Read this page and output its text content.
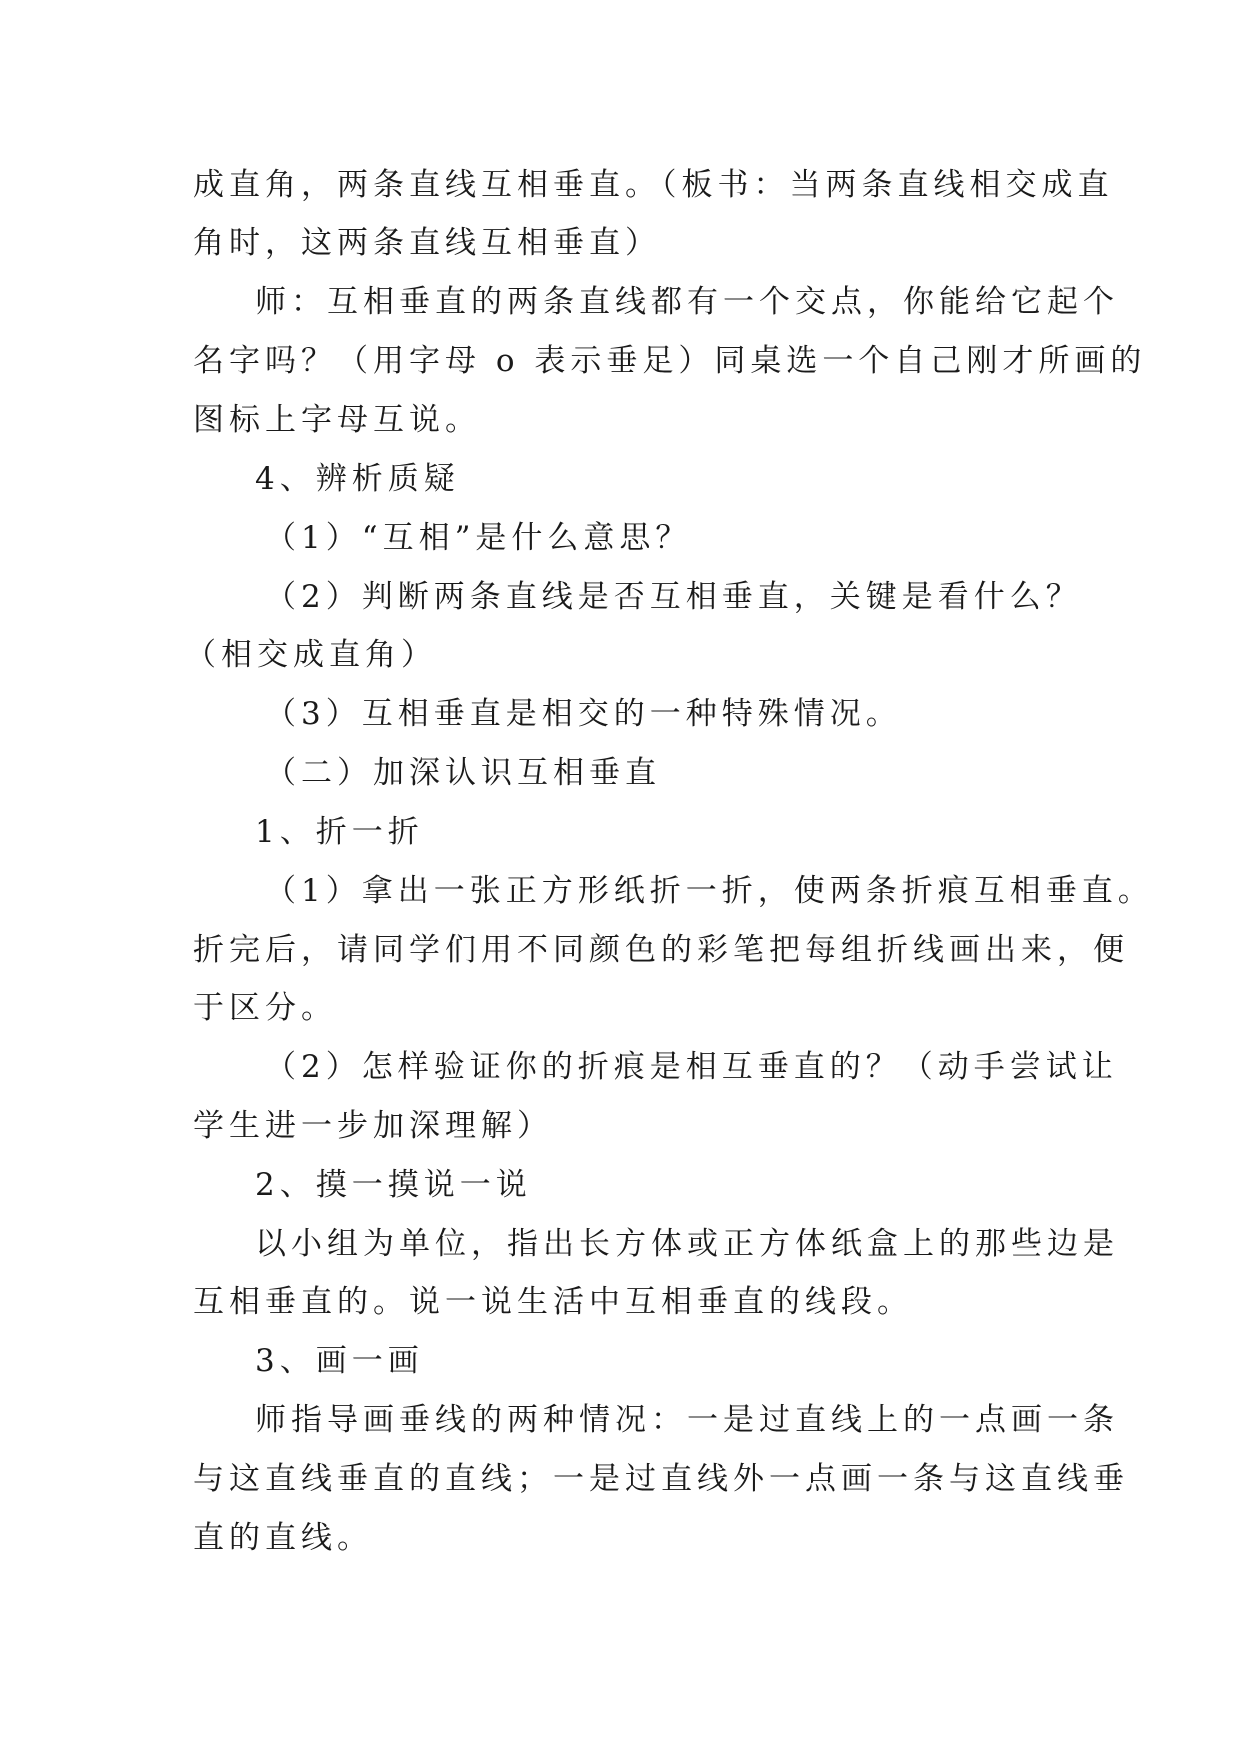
成直角，两条直线互相垂直。（板书：当两条直线相交成直
角时，这两条直线互相垂直）
师：互相垂直的两条直线都有一个交点，你能给它起个
名字吗？（用字母 o 表示垂足）同桌选一个自己刚才所画的
图标上字母互说。
4、辨析质疑
（1）“互相”是什么意思？
（2）判断两条直线是否互相垂直，关键是看什么？
（相交成直角）
（3）互相垂直是相交的一种特殊情况。
（二）加深认识互相垂直
1、折一折
（1）拿出一张正方形纸折一折，使两条折痕互相垂直。
折完后，请同学们用不同颜色的彩笔把每组折线画出来，便
于区分。
（2）怎样验证你的折痕是相互垂直的？（动手尝试让
学生进一步加深理解）
2、摸一摸说一说
以小组为单位，指出长方体或正方体纸盒上的那些边是
互相垂直的。说一说生活中互相垂直的线段。
3、画一画
师指导画垂线的两种情况：一是过直线上的一点画一条
与这直线垂直的直线；一是过直线外一点画一条与这直线垂
直的直线。
